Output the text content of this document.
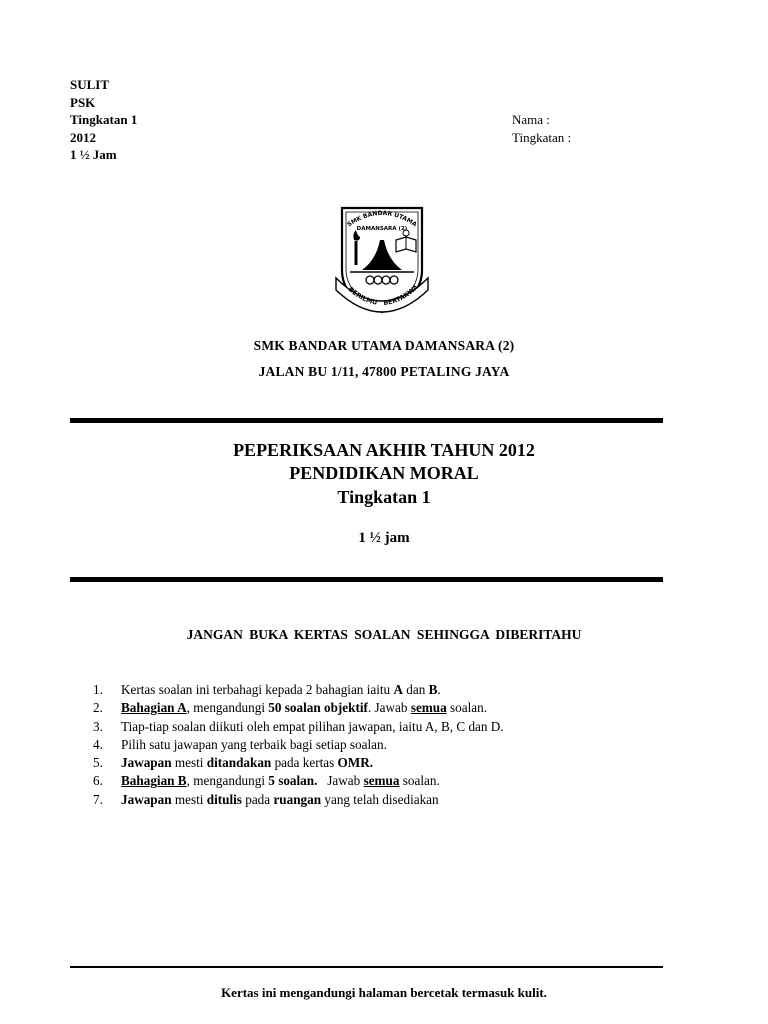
SULIT
PSK
Tingkatan 1
2012
1 ½ Jam
Nama :
Tingkatan :
SMK BANDAR UTAMA
DAMANSARA (2)
BERILMU BERTAKWA
SMK BANDAR UTAMA DAMANSARA (2)
JALAN BU 1/11, 47800 PETALING JAYA
PEPERIKSAAN AKHIR TAHUN 2012
PENDIDIKAN MORAL
Tingkatan 1
1 ½ jam
JANGAN BUKA KERTAS SOALAN SEHINGGA DIBERITAHU
1.	Kertas soalan ini terbahagi kepada 2 bahagian iaitu A dan B.
2.	Bahagian A, mengandungi 50 soalan objektif. Jawab semua soalan.
3.	Tiap-tiap soalan diikuti oleh empat pilihan jawapan, iaitu A, B, C dan D.
4.	Pilih satu jawapan yang terbaik bagi setiap soalan.
5.	Jawapan mesti ditandakan pada kertas OMR.
6.	Bahagian B, mengandungi 5 soalan.   Jawab semua soalan.
7.	Jawapan mesti ditulis pada ruangan yang telah disediakan
Kertas ini mengandungi halaman bercetak termasuk kulit.
